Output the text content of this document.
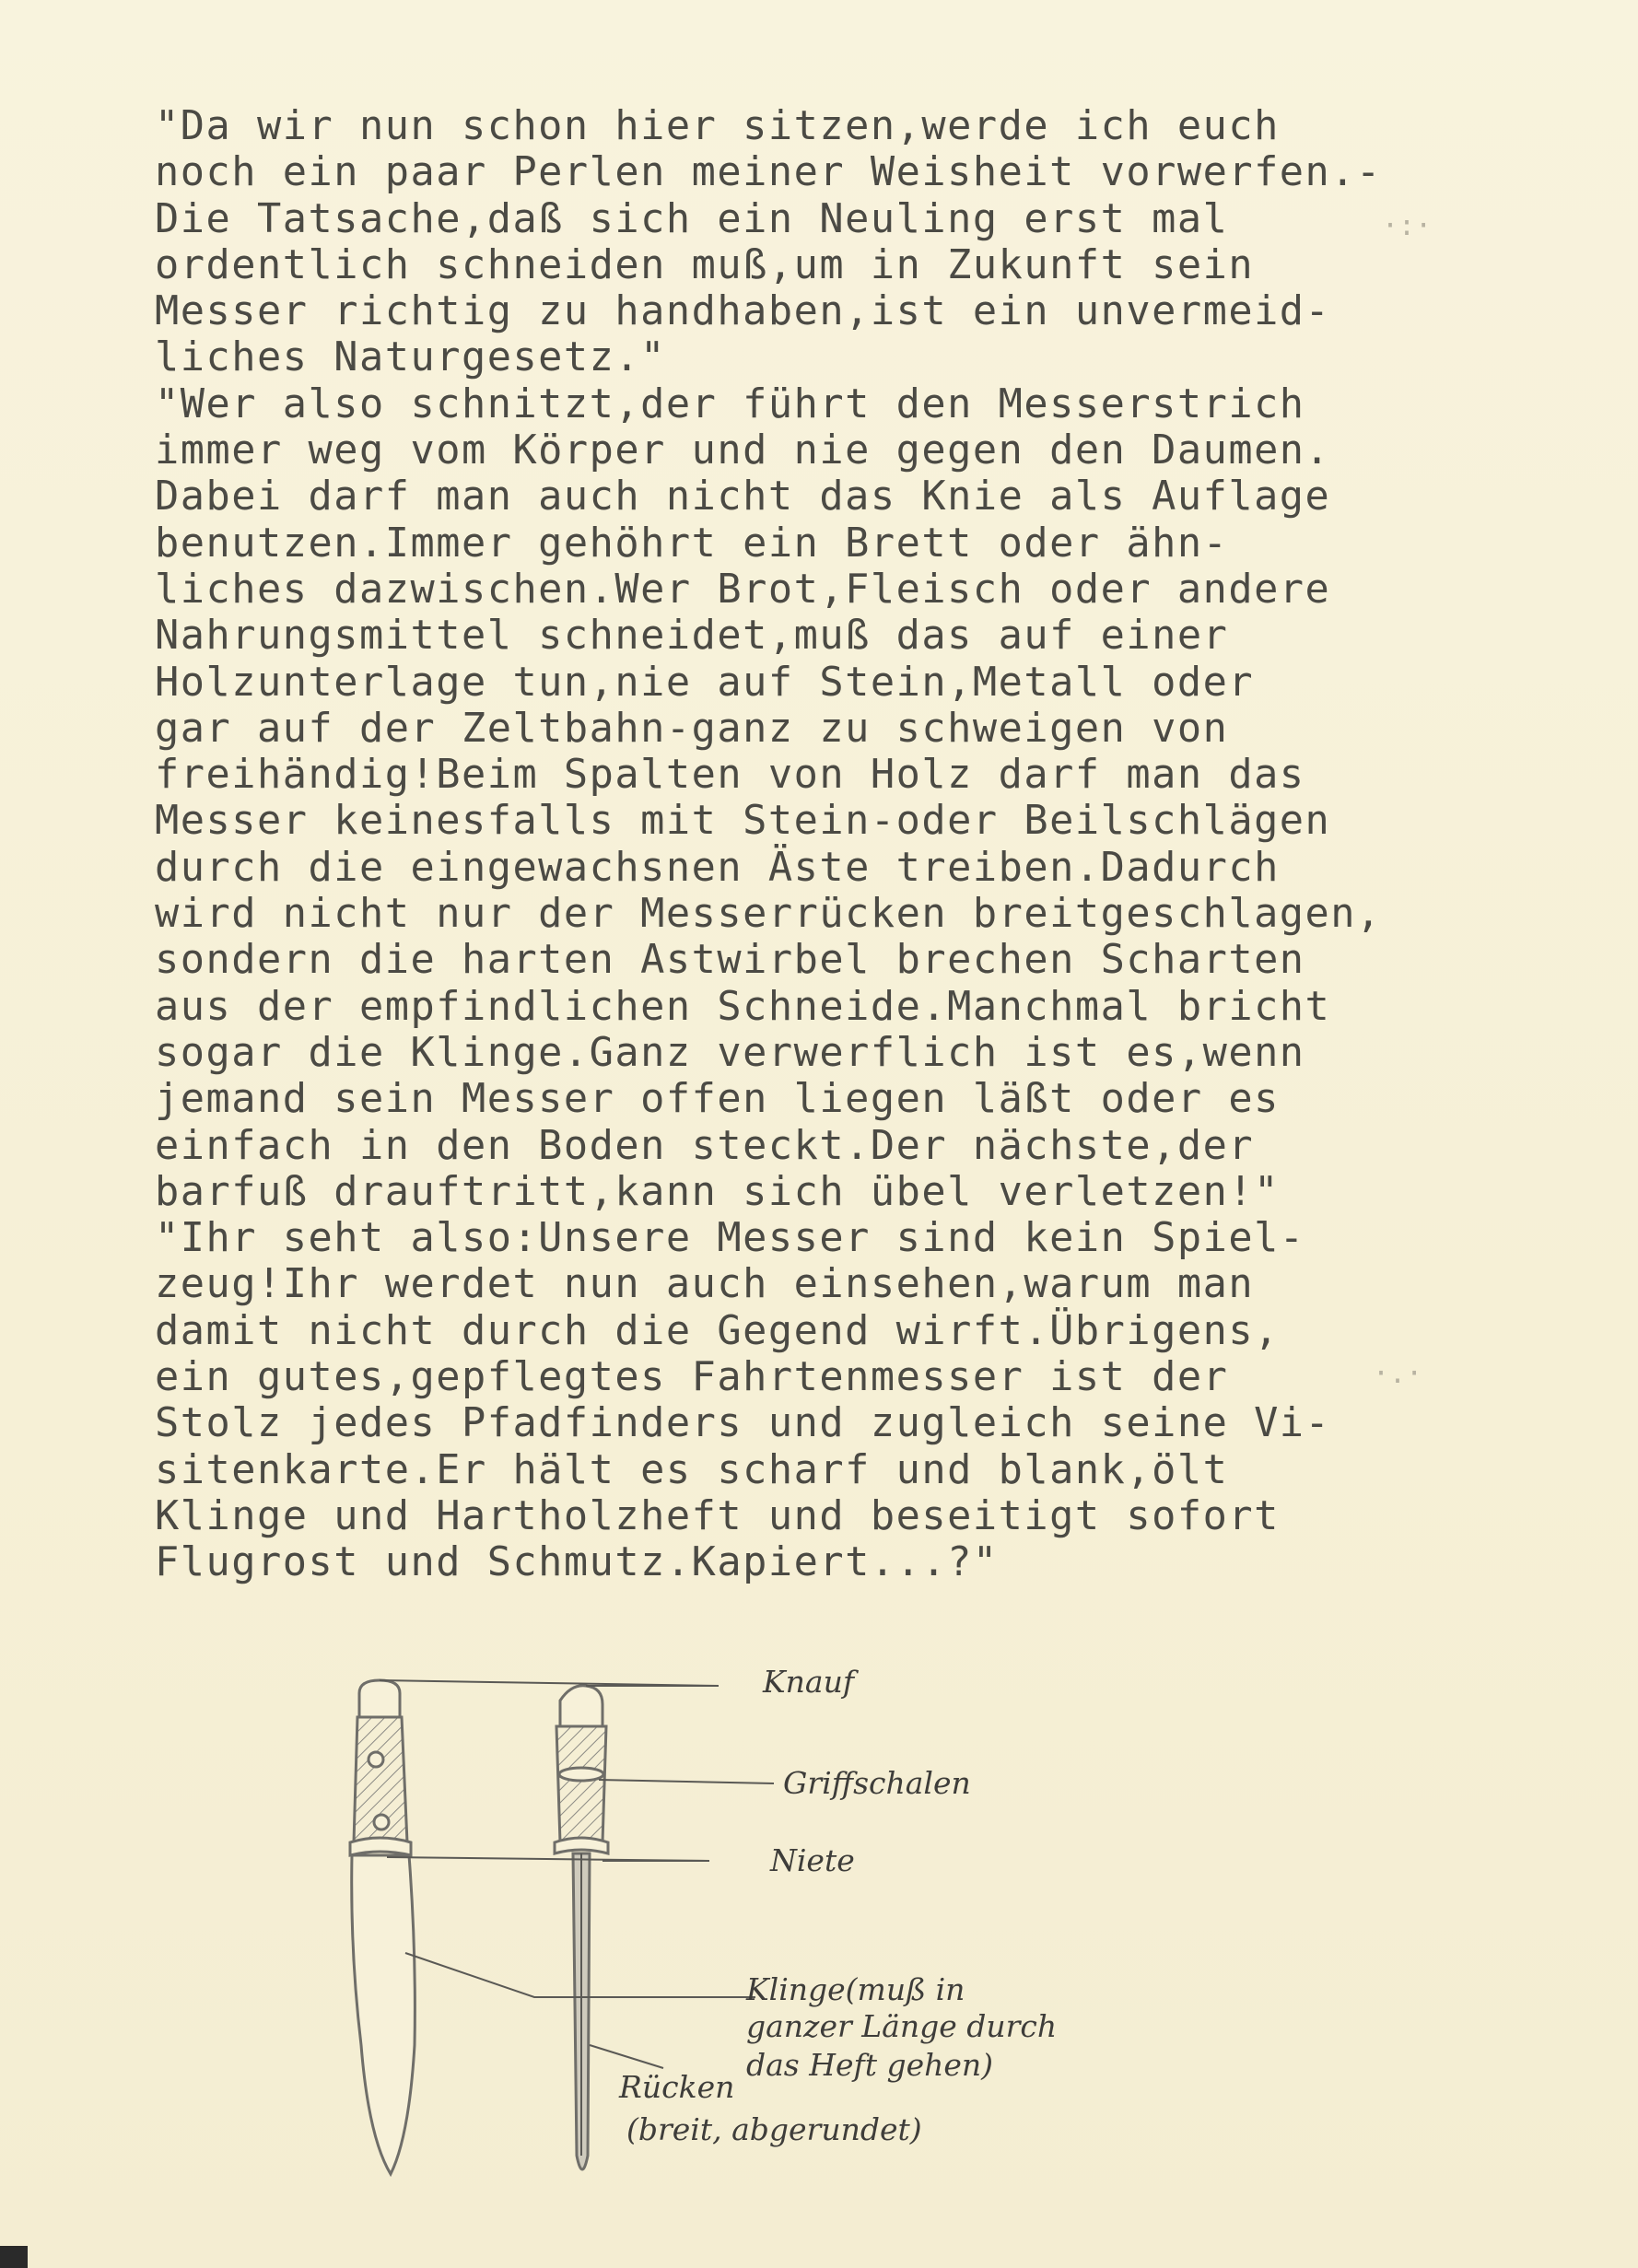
"Da wir nun schon hier sitzen,werde ich euch
noch ein paar Perlen meiner Weisheit vorwerfen.-
Die Tatsache,daß sich ein Neuling erst mal
ordentlich schneiden muß,um in Zukunft sein
Messer richtig zu handhaben,ist ein unvermeid-
liches Naturgesetz."
"Wer also schnitzt,der führt den Messerstrich
immer weg vom Körper und nie gegen den Daumen.
Dabei darf man auch nicht das Knie als Auflage
benutzen.Immer gehöhrt ein Brett oder ähn-
liches dazwischen.Wer Brot,Fleisch oder andere
Nahrungsmittel schneidet,muß das auf einer
Holzunterlage tun,nie auf Stein,Metall oder
gar auf der Zeltbahn-ganz zu schweigen von
freihändig!Beim Spalten von Holz darf man das
Messer keinesfalls mit Stein-oder Beilschlägen
durch die eingewachsnen Äste treiben.Dadurch
wird nicht nur der Messerrücken breitgeschlagen,
sondern die harten Astwirbel brechen Scharten
aus der empfindlichen Schneide.Manchmal bricht
sogar die Klinge.Ganz verwerflich ist es,wenn
jemand sein Messer offen liegen läßt oder es
einfach in den Boden steckt.Der nächste,der
barfuß drauftritt,kann sich übel verletzen!"
"Ihr seht also:Unsere Messer sind kein Spiel-
zeug!Ihr werdet nun auch einsehen,warum man
damit nicht durch die Gegend wirft.Übrigens,
ein gutes,gepflegtes Fahrtenmesser ist der
Stolz jedes Pfadfinders und zugleich seine Vi-
sitenkarte.Er hält es scharf und blank,ölt
Klinge und Hartholzheft und beseitigt sofort
Flugrost und Schmutz.Kapiert...?"
·:·
·.·
Knauf
Griffschalen
Niete
Klinge(muß in
ganzer Länge durch
das Heft gehen)
Rücken
(breit, abgerundet)
